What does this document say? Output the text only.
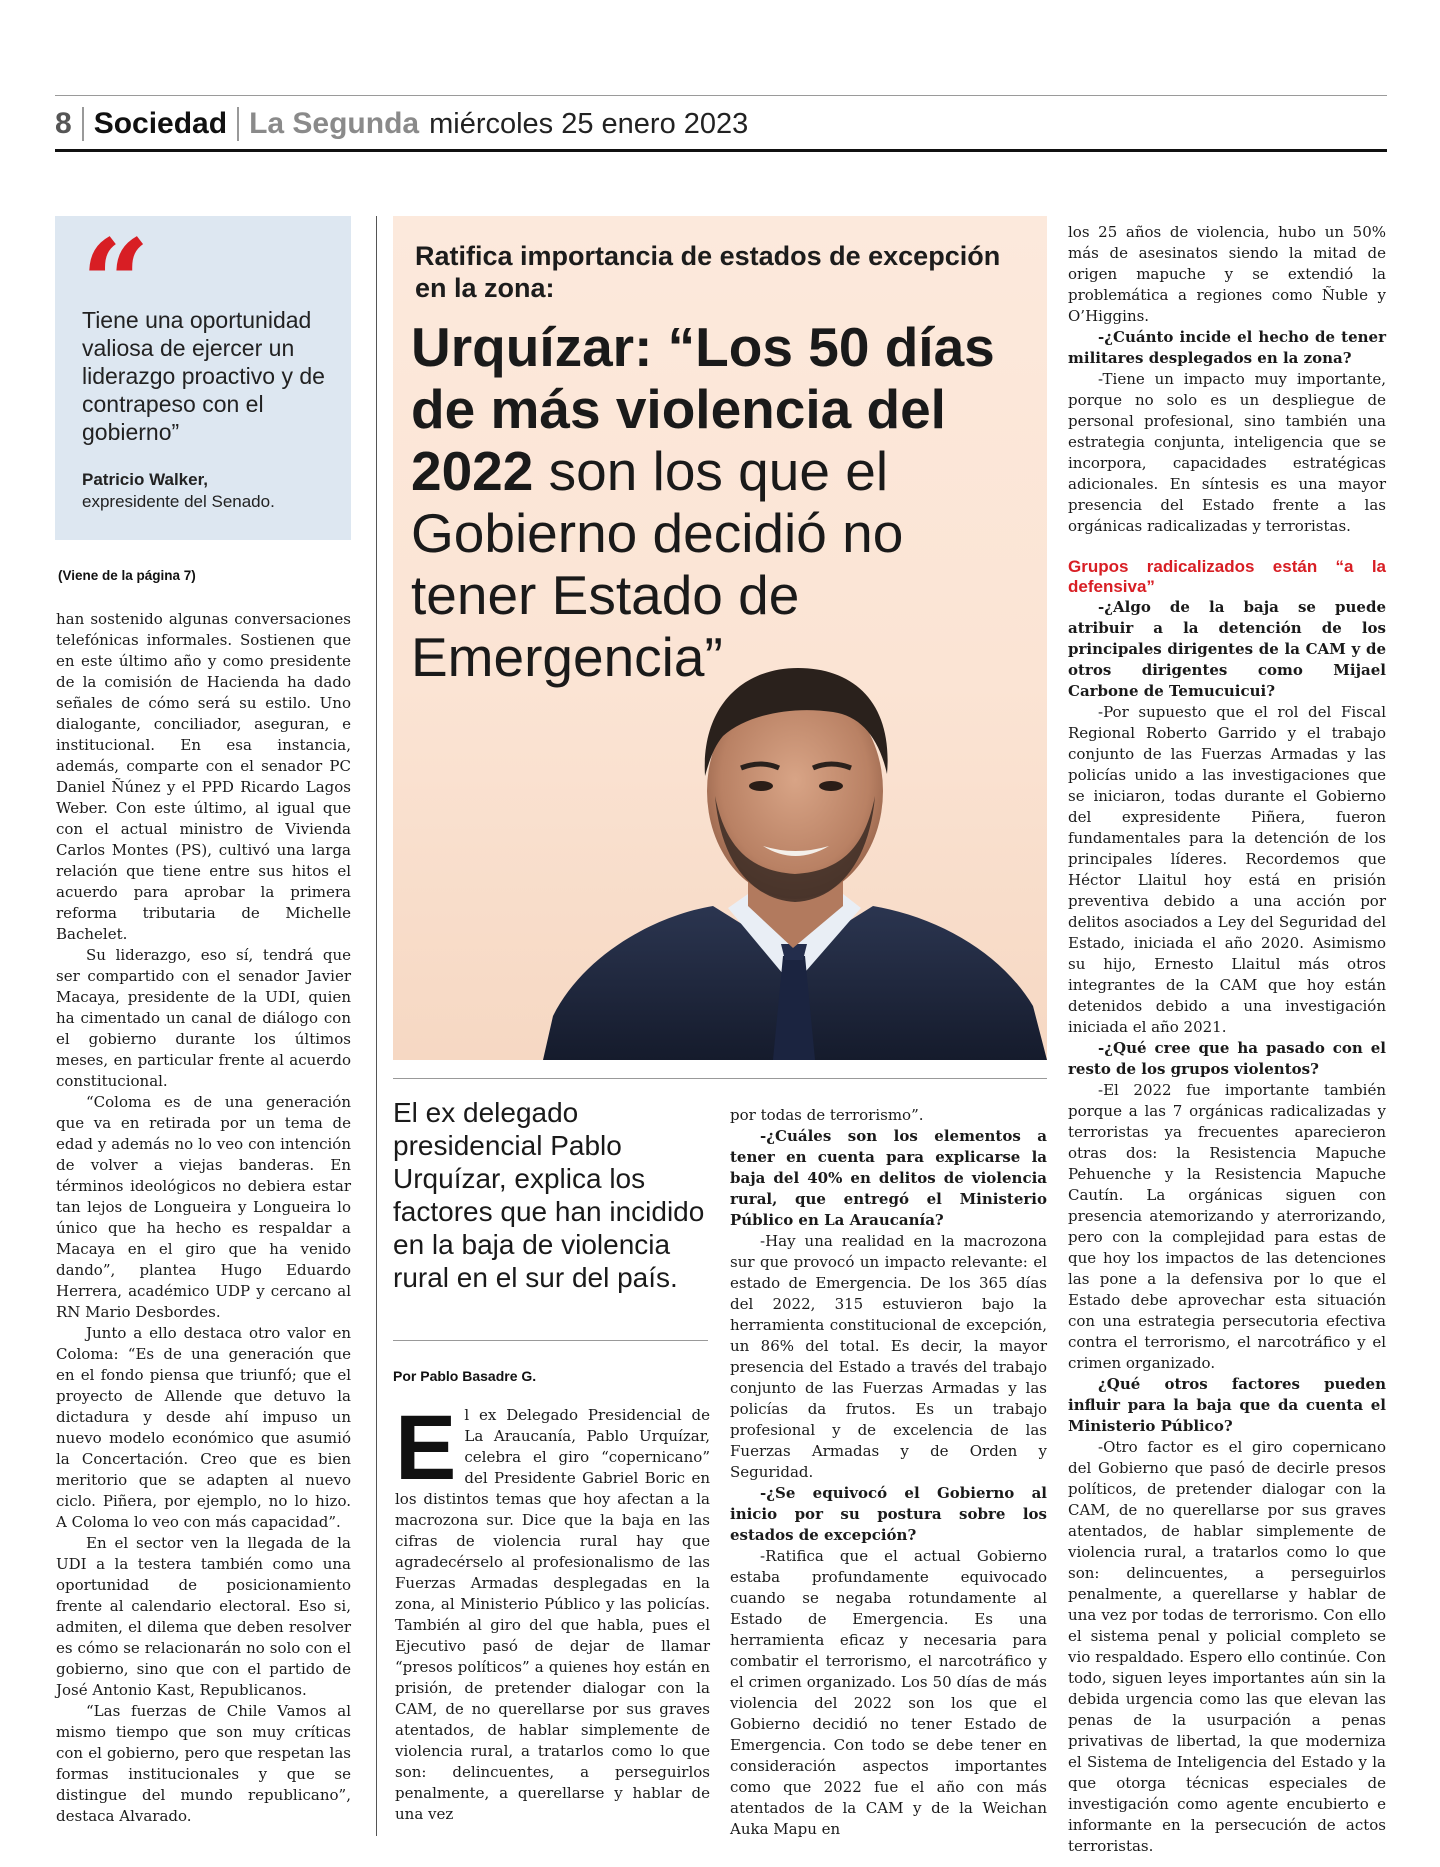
8 Sociedad La Segunda miércoles 25 enero 2023
“
Tiene una oportunidad valiosa de ejercer un liderazgo proactivo y de contrapeso con el gobierno”
Patricio Walker,
expresidente del Senado.
(Viene de la página 7)

han sostenido algunas conversaciones telefónicas informales. Sostienen que en este último año y como presidente de la comisión de Hacienda ha dado señales de cómo será su estilo. Uno dialogante, conciliador, aseguran, e institucional. En esa instancia, además, comparte con el senador PC Daniel Ñúnez y el PPD Ricardo Lagos Weber. Con este último, al igual que con el actual ministro de Vivienda Carlos Montes (PS), cultivó una larga relación que tiene entre sus hitos el acuerdo para aprobar la primera reforma tributaria de Michelle Bachelet.

Su liderazgo, eso sí, tendrá que ser compartido con el senador Javier Macaya, presidente de la UDI, quien ha cimentado un canal de diálogo con el gobierno durante los últimos meses, en particular frente al acuerdo constitucional.

“Coloma es de una generación que va en retirada por un tema de edad y además no lo veo con intención de volver a viejas banderas. En términos ideológicos no debiera estar tan lejos de Longueira y Longueira lo único que ha hecho es respaldar a Macaya en el giro que ha venido dando”, plantea Hugo Eduardo Herrera, académico UDP y cercano al RN Mario Desbordes.

Junto a ello destaca otro valor en Coloma: “Es de una generación que en el fondo piensa que triunfó; que el proyecto de Allende que detuvo la dictadura y desde ahí impuso un nuevo modelo económico que asumió la Concertación. Creo que es bien meritorio que se adapten al nuevo ciclo. Piñera, por ejemplo, no lo hizo. A Coloma lo veo con más capacidad”.

En el sector ven la llegada de la UDI a la testera también como una oportunidad de posicionamiento frente al calendario electoral. Eso si, admiten, el dilema que deben resolver es cómo se relacionarán no solo con el gobierno, sino que con el partido de José Antonio Kast, Republicanos.

“Las fuerzas de Chile Vamos al mismo tiempo que son muy críticas con el gobierno, pero que respetan las formas institucionales y que se distingue del mundo republicano”, destaca Alvarado.

Ratifica importancia de estados de excepción en la zona:
Urquízar: “Los 50 días de más violencia del 2022 son los que el Gobierno decidió no tener Estado de Emergencia”
El ex delegado presidencial Pablo Urquízar, explica los factores que han incidido en la baja de violencia rural en el sur del país.
Por Pablo Basadre G.

El ex Delegado Presidencial de La Araucanía, Pablo Urquízar, celebra el giro “copernicano” del Presidente Gabriel Boric en los distintos temas que hoy afectan a la macrozona sur. Dice que la baja en las cifras de violencia rural hay que agradecérselo al profesionalismo de las Fuerzas Armadas desplegadas en la zona, al Ministerio Público y las policías. También al giro del que habla, pues el Ejecutivo pasó de dejar de llamar “presos políticos” a quienes hoy están en prisión, de pretender dialogar con la CAM, de no querellarse por sus graves atentados, de hablar simplemente de violencia rural, a tratarlos como lo que son: delincuentes, a perseguirlos penalmente, a querellarse y hablar de una vez

por todas de terrorismo”.

-¿Cuáles son los elementos a tener en cuenta para explicarse la baja del 40% en delitos de violencia rural, que entregó el Ministerio Público en La Araucanía?

-Hay una realidad en la macrozona sur que provocó un impacto relevante: el estado de Emergencia. De los 365 días del 2022, 315 estuvieron bajo la herramienta constitucional de excepción, un 86% del total. Es decir, la mayor presencia del Estado a través del trabajo conjunto de las Fuerzas Armadas y las policías da frutos. Es un trabajo profesional y de excelencia de las Fuerzas Armadas y de Orden y Seguridad.

-¿Se equivocó el Gobierno al inicio por su postura sobre los estados de excepción?

-Ratifica que el actual Gobierno estaba profundamente equivocado cuando se negaba rotundamente al Estado de Emergencia. Es una herramienta eficaz y necesaria para combatir el terrorismo, el narcotráfico y el crimen organizado. Los 50 días de más violencia del 2022 son los que el Gobierno decidió no tener Estado de Emergencia. Con todo se debe tener en consideración aspectos importantes como que 2022 fue el año con más atentados de la CAM y de la Weichan Auka Mapu en

los 25 años de violencia, hubo un 50% más de asesinatos siendo la mitad de origen mapuche y se extendió la problemática a regiones como Ñuble y O’Higgins.

-¿Cuánto incide el hecho de tener militares desplegados en la zona?

-Tiene un impacto muy importante, porque no solo es un despliegue de personal profesional, sino también una estrategia conjunta, inteligencia que se incorpora, capacidades estratégicas adicionales. En síntesis es una mayor presencia del Estado frente a las orgánicas radicalizadas y terroristas.

Grupos radicalizados están “a la defensiva”

-¿Algo de la baja se puede atribuir a la detención de los principales dirigentes de la CAM y de otros dirigentes como Mijael Carbone de Temucuicui?

-Por supuesto que el rol del Fiscal Regional Roberto Garrido y el trabajo conjunto de las Fuerzas Armadas y las policías unido a las investigaciones que se iniciaron, todas durante el Gobierno del expresidente Piñera, fueron fundamentales para la detención de los principales líderes. Recordemos que Héctor Llaitul hoy está en prisión preventiva debido a una acción por delitos asociados a Ley del Seguridad del Estado, iniciada el año 2020. Asimismo su hijo, Ernesto Llaitul más otros integrantes de la CAM que hoy están detenidos debido a una investigación iniciada el año 2021.

-¿Qué cree que ha pasado con el resto de los grupos violentos?

-El 2022 fue importante también porque a las 7 orgánicas radicalizadas y terroristas ya frecuentes aparecieron otras dos: la Resistencia Mapuche Pehuenche y la Resistencia Mapuche Cautín. La orgánicas siguen con presencia atemorizando y aterrorizando, pero con la complejidad para estas de que hoy los impactos de las detenciones las pone a la defensiva por lo que el Estado debe aprovechar esta situación con una estrategia persecutoria efectiva contra el terrorismo, el narcotráfico y el crimen organizado.

¿Qué otros factores pueden influir para la baja que da cuenta el Ministerio Público?

-Otro factor es el giro copernicano del Gobierno que pasó de decirle presos políticos, de pretender dialogar con la CAM, de no querellarse por sus graves atentados, de hablar simplemente de violencia rural, a tratarlos como lo que son: delincuentes, a perseguirlos penalmente, a querellarse y hablar de una vez por todas de terrorismo. Con ello el sistema penal y policial completo se vio respaldado. Espero ello continúe. Con todo, siguen leyes importantes aún sin la debida urgencia como las que elevan las penas de la usurpación a penas privativas de libertad, la que moderniza el Sistema de Inteligencia del Estado y la que otorga técnicas especiales de investigación como agente encubierto e informante en la persecución de actos terroristas.
